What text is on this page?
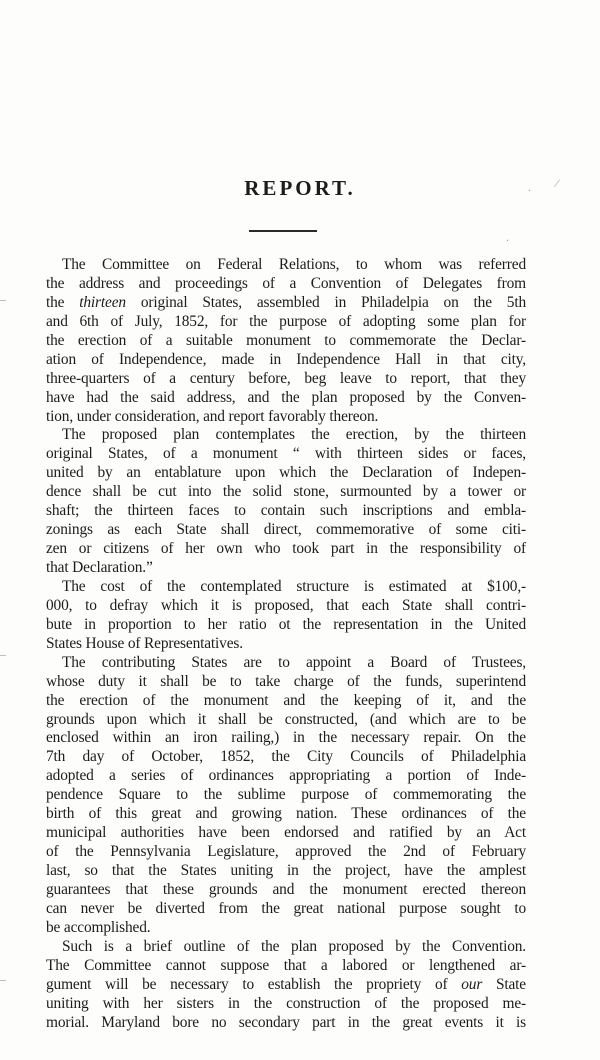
. ⁄
.
REPORT.
The Committee on Federal Relations, to whom was referred
the address and proceedings of a Convention of Delegates from
the thirteen original States, assembled in Philadelpia on the 5th
and 6th of July, 1852, for the purpose of adopting some plan for
the erection of a suitable monument to commemorate the Declar-
ation of Independence, made in Independence Hall in that city,
three-quarters of a century before, beg leave to report, that they
have had the said address, and the plan proposed by the Conven-
tion, under consideration, and report favorably thereon.
The proposed plan contemplates the erection, by the thirteen
original States, of a monument “ with thirteen sides or faces,
united by an entablature upon which the Declaration of Indepen-
dence shall be cut into the solid stone, surmounted by a tower or
shaft; the thirteen faces to contain such inscriptions and embla-
zonings as each State shall direct, commemorative of some citi-
zen or citizens of her own who took part in the responsibility of
that Declaration.”
The cost of the contemplated structure is estimated at $100,-
000, to defray which it is proposed, that each State shall contri-
bute in proportion to her ratio ot the representation in the United
States House of Representatives.
The contributing States are to appoint a Board of Trustees,
whose duty it shall be to take charge of the funds, superintend
the erection of the monument and the keeping of it, and the
grounds upon which it shall be constructed, (and which are to be
enclosed within an iron railing,) in the necessary repair. On the
7th day of October, 1852, the City Councils of Philadelphia
adopted a series of ordinances appropriating a portion of Inde-
pendence Square to the sublime purpose of commemorating the
birth of this great and growing nation. These ordinances of the
municipal authorities have been endorsed and ratified by an Act
of the Pennsylvania Legislature, approved the 2nd of February
last, so that the States uniting in the project, have the amplest
guarantees that these grounds and the monument erected thereon
can never be diverted from the great national purpose sought to
be accomplished.
Such is a brief outline of the plan proposed by the Convention.
The Committee cannot suppose that a labored or lengthened ar-
gument will be necessary to establish the propriety of our State
uniting with her sisters in the construction of the proposed me-
morial. Maryland bore no secondary part in the great events it is
